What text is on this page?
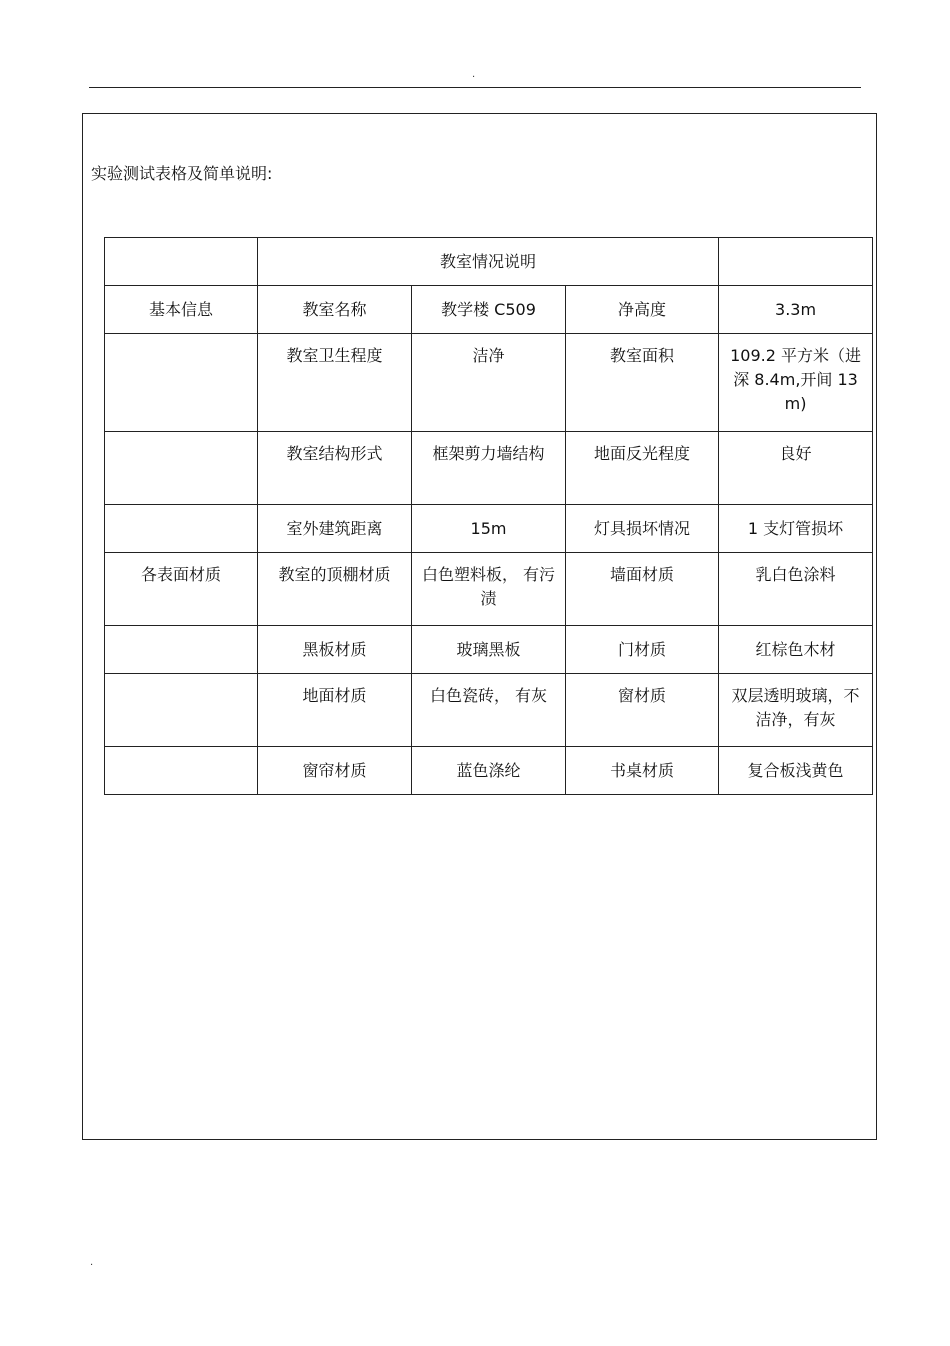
.
实验测试表格及简单说明:
	教室情况说明			
基本信息	教室名称	教学楼 C509	净高度	3.3m
	教室卫生程度	洁净	教室面积	109.2 平方米（进深 8.4m,开间 13m)
	教室结构形式	框架剪力墙结构	地面反光程度	良好
	室外建筑距离	15m	灯具损坏情况	1 支灯管损坏
各表面材质	教室的顶棚材质	白色塑料板， 有污渍	墙面材质	乳白色涂料
	黑板材质	玻璃黑板	门材质	红棕色木材
	地面材质	白色瓷砖， 有灰	窗材质	双层透明玻璃，不洁净，有灰
	窗帘材质	蓝色涤纶	书桌材质	复合板浅黄色
.
